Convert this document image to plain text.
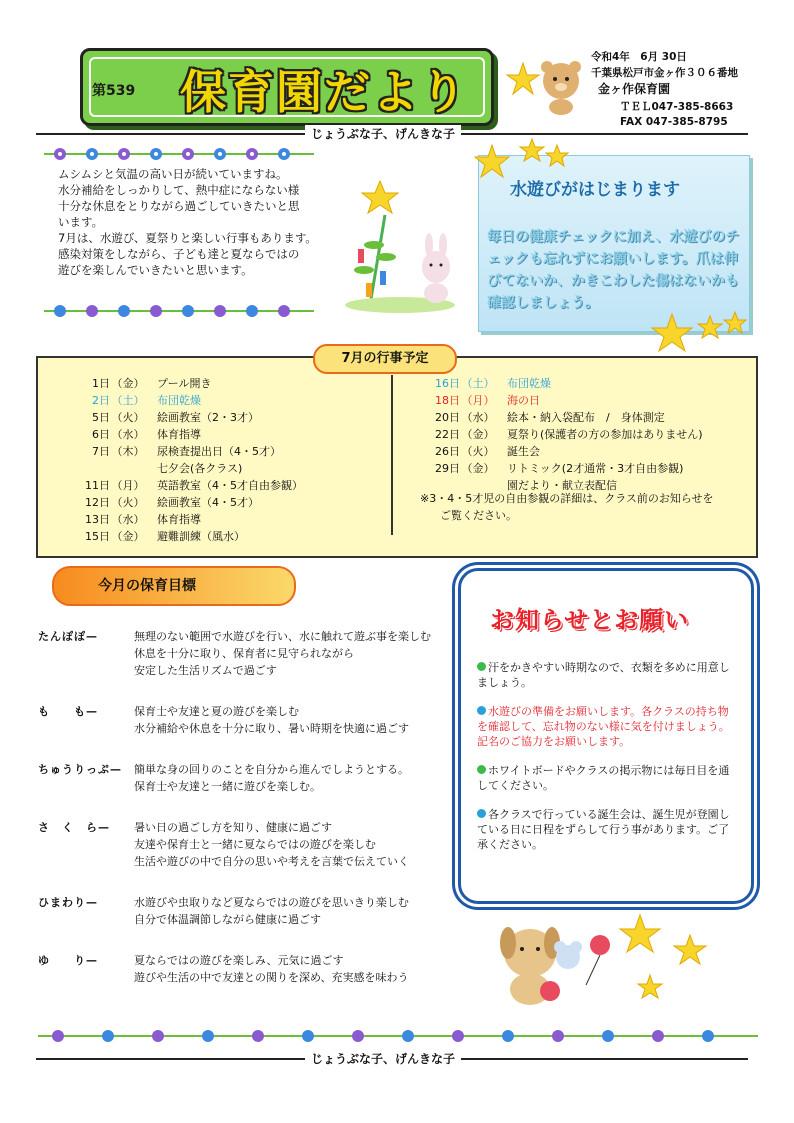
第539 保育園だより
令和4年　6月 30日
千葉県松戸市金ヶ作３０６番地
金ヶ作保育園
ＴＥＬ047-385-8663
FAX 047-385-8795
じょうぶな子、げんきな子
ムシムシと気温の高い日が続いていますね。
水分補給をしっかりして、熱中症にならない様
十分な休息をとりながら過ごしていきたいと思
います。
7月は、水遊び、夏祭りと楽しい行事もあります。
感染対策をしながら、子ども達と夏ならではの
遊びを楽しんでいきたいと思います。
水遊びがはじまります
毎日の健康チェックに加え、水遊びのチェックも忘れずにお願いします。爪は伸びてないか、かきこわした傷はないかも確認しましょう。
7月の行事予定
1日 （金）　プール開き
2日 （土）　布団乾燥
5日 （火）　絵画教室（2・3才）
6日 （水）　体育指導
7日 （木）　尿検査提出日（4・5才）
　七夕会(各クラス)
11日 （月）　英語教室（4・5才自由参観）
12日 （火）　絵画教室（4・5才）
13日 （水）　体育指導
15日 （金）　避難訓練（風水）
16日 （土）　布団乾燥
18日 （月）　海の日
20日 （水）　絵本・納入袋配布　/　身体測定
22日 （金）　夏祭り(保護者の方の参加はありません)
26日 （火）　誕生会
29日 （金）　リトミック(2才通常・3才自由参観)
　園だより・献立表配信
※3・4・5才児の自由参観の詳細は、クラス前のお知らせを
ご覧ください。
今月の保育目標
たんぽぽ—	無理のない範囲で水遊びを行い、水に触れて遊ぶ事を楽しむ
休息を十分に取り、保育者に見守られながら
安定した生活リズムで過ごす
も　　も—	保育士や友達と夏の遊びを楽しむ
水分補給や休息を十分に取り、暑い時期を快適に過ごす
ちゅうりっぷ— 簡単な身の回りのことを自分から進んでしようとする。
保育士や友達と一緒に遊びを楽しむ。
さ　く　ら— 暑い日の過ごし方を知り、健康に過ごす
友達や保育士と一緒に夏ならではの遊びを楽しむ
生活や遊びの中で自分の思いや考えを言葉で伝えていく
ひまわり—	水遊びや虫取りなど夏ならではの遊びを思いきり楽しむ
自分で体温調節しながら健康に過ごす
ゆ　　り—	夏ならではの遊びを楽しみ、元気に過ごす
遊びや生活の中で友達との関りを深め、充実感を味わう
お知らせとお願い
汗をかきやすい時期なので、衣類を多めに用意しましょう。
水遊びの準備をお願いします。各クラスの持ち物を確認して、忘れ物のない様に気を付けましょう。記名のご協力をお願いします。
ホワイトボードやクラスの掲示物には毎日目を通してください。
各クラスで行っている誕生会は、誕生児が登園している日に日程をずらして行う事があります。ご了承ください。
じょうぶな子、げんきな子
